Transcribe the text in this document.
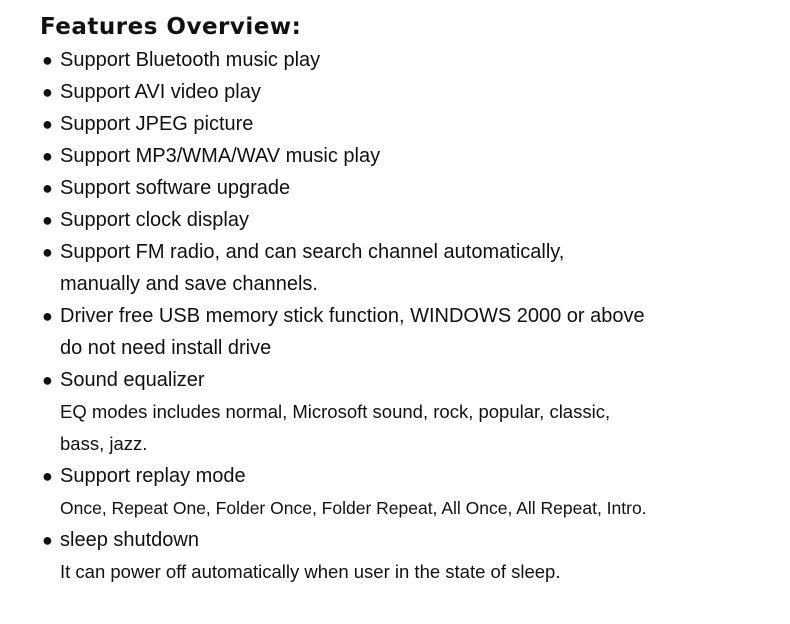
Features Overview:
● Support Bluetooth music play
● Support AVI video play
● Support JPEG picture
● Support MP3/WMA/WAV music play
● Support software upgrade
● Support clock display
● Support FM radio, and can search channel automatically,
manually and save channels.
● Driver free USB memory stick function, WINDOWS 2000 or above
do not need install drive
● Sound equalizer
EQ modes includes normal, Microsoft sound, rock, popular, classic,
bass, jazz.
● Support replay mode
Once, Repeat One, Folder Once, Folder Repeat, All Once, All Repeat, Intro.
● sleep shutdown
It can power off automatically when user in the state of sleep.
